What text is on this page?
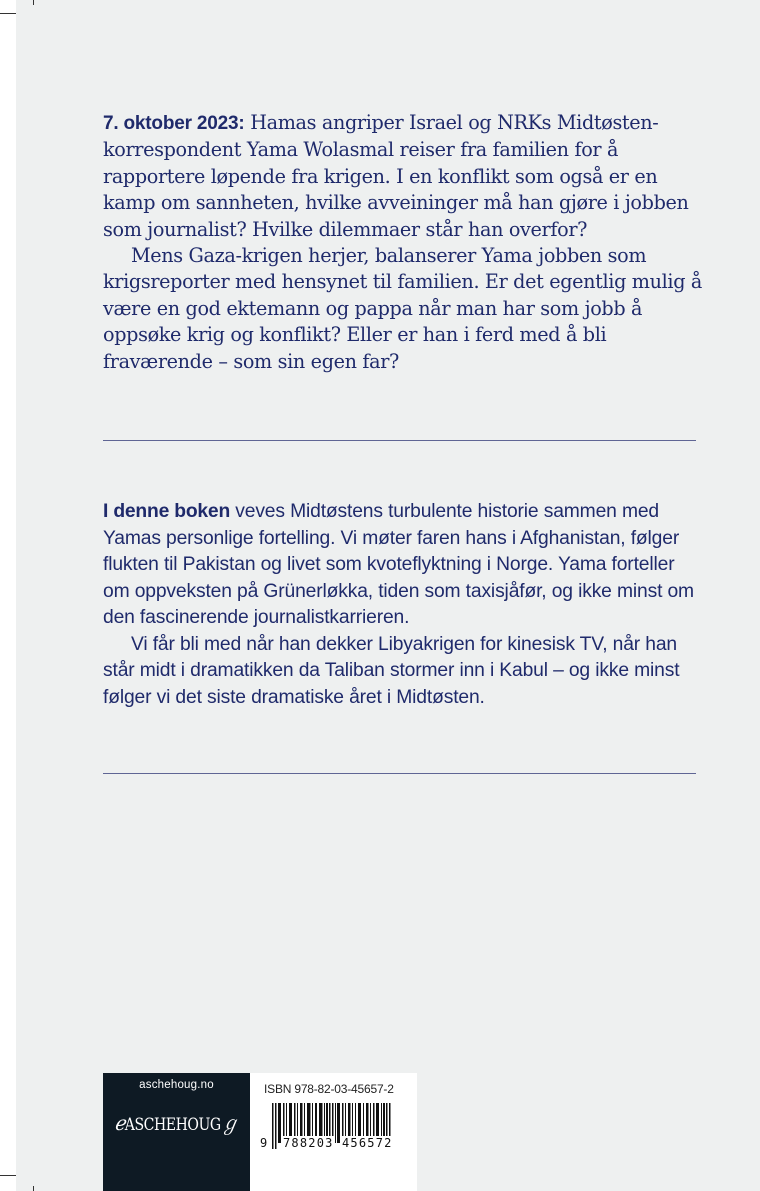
7. oktober 2023: Hamas angriper Israel og NRKs Midtøsten-korrespondent Yama Wolasmal reiser fra familien for å rapportere løpende fra krigen. I en konflikt som også er en kamp om sannheten, hvilke avveininger må han gjøre i jobben som journalist? Hvilke dilemmaer står han overfor?

Mens Gaza-krigen herjer, balanserer Yama jobben som krigsreporter med hensynet til familien. Er det egentlig mulig å være en god ektemann og pappa når man har som jobb å oppsøke krig og konflikt? Eller er han i ferd med å bli fraværende – som sin egen far?

I denne boken veves Midtøstens turbulente historie sammen med Yamas personlige fortelling. Vi møter faren hans i Afghanistan, følger flukten til Pakistan og livet som kvoteflyktning i Norge. Yama forteller om oppveksten på Grünerløkka, tiden som taxisjåfør, og ikke minst om den fascinerende journalistkarrieren.

Vi får bli med når han dekker Libyakrigen for kinesisk TV, når han står midt i dramatikken da Taliban stormer inn i Kabul – og ikke minst følger vi det siste dramatiske året i Midtøsten.

aschehoug.no
ℯASCHEHOUGℊ
ISBN 978-82-03-45657-2
9 788203 456572
